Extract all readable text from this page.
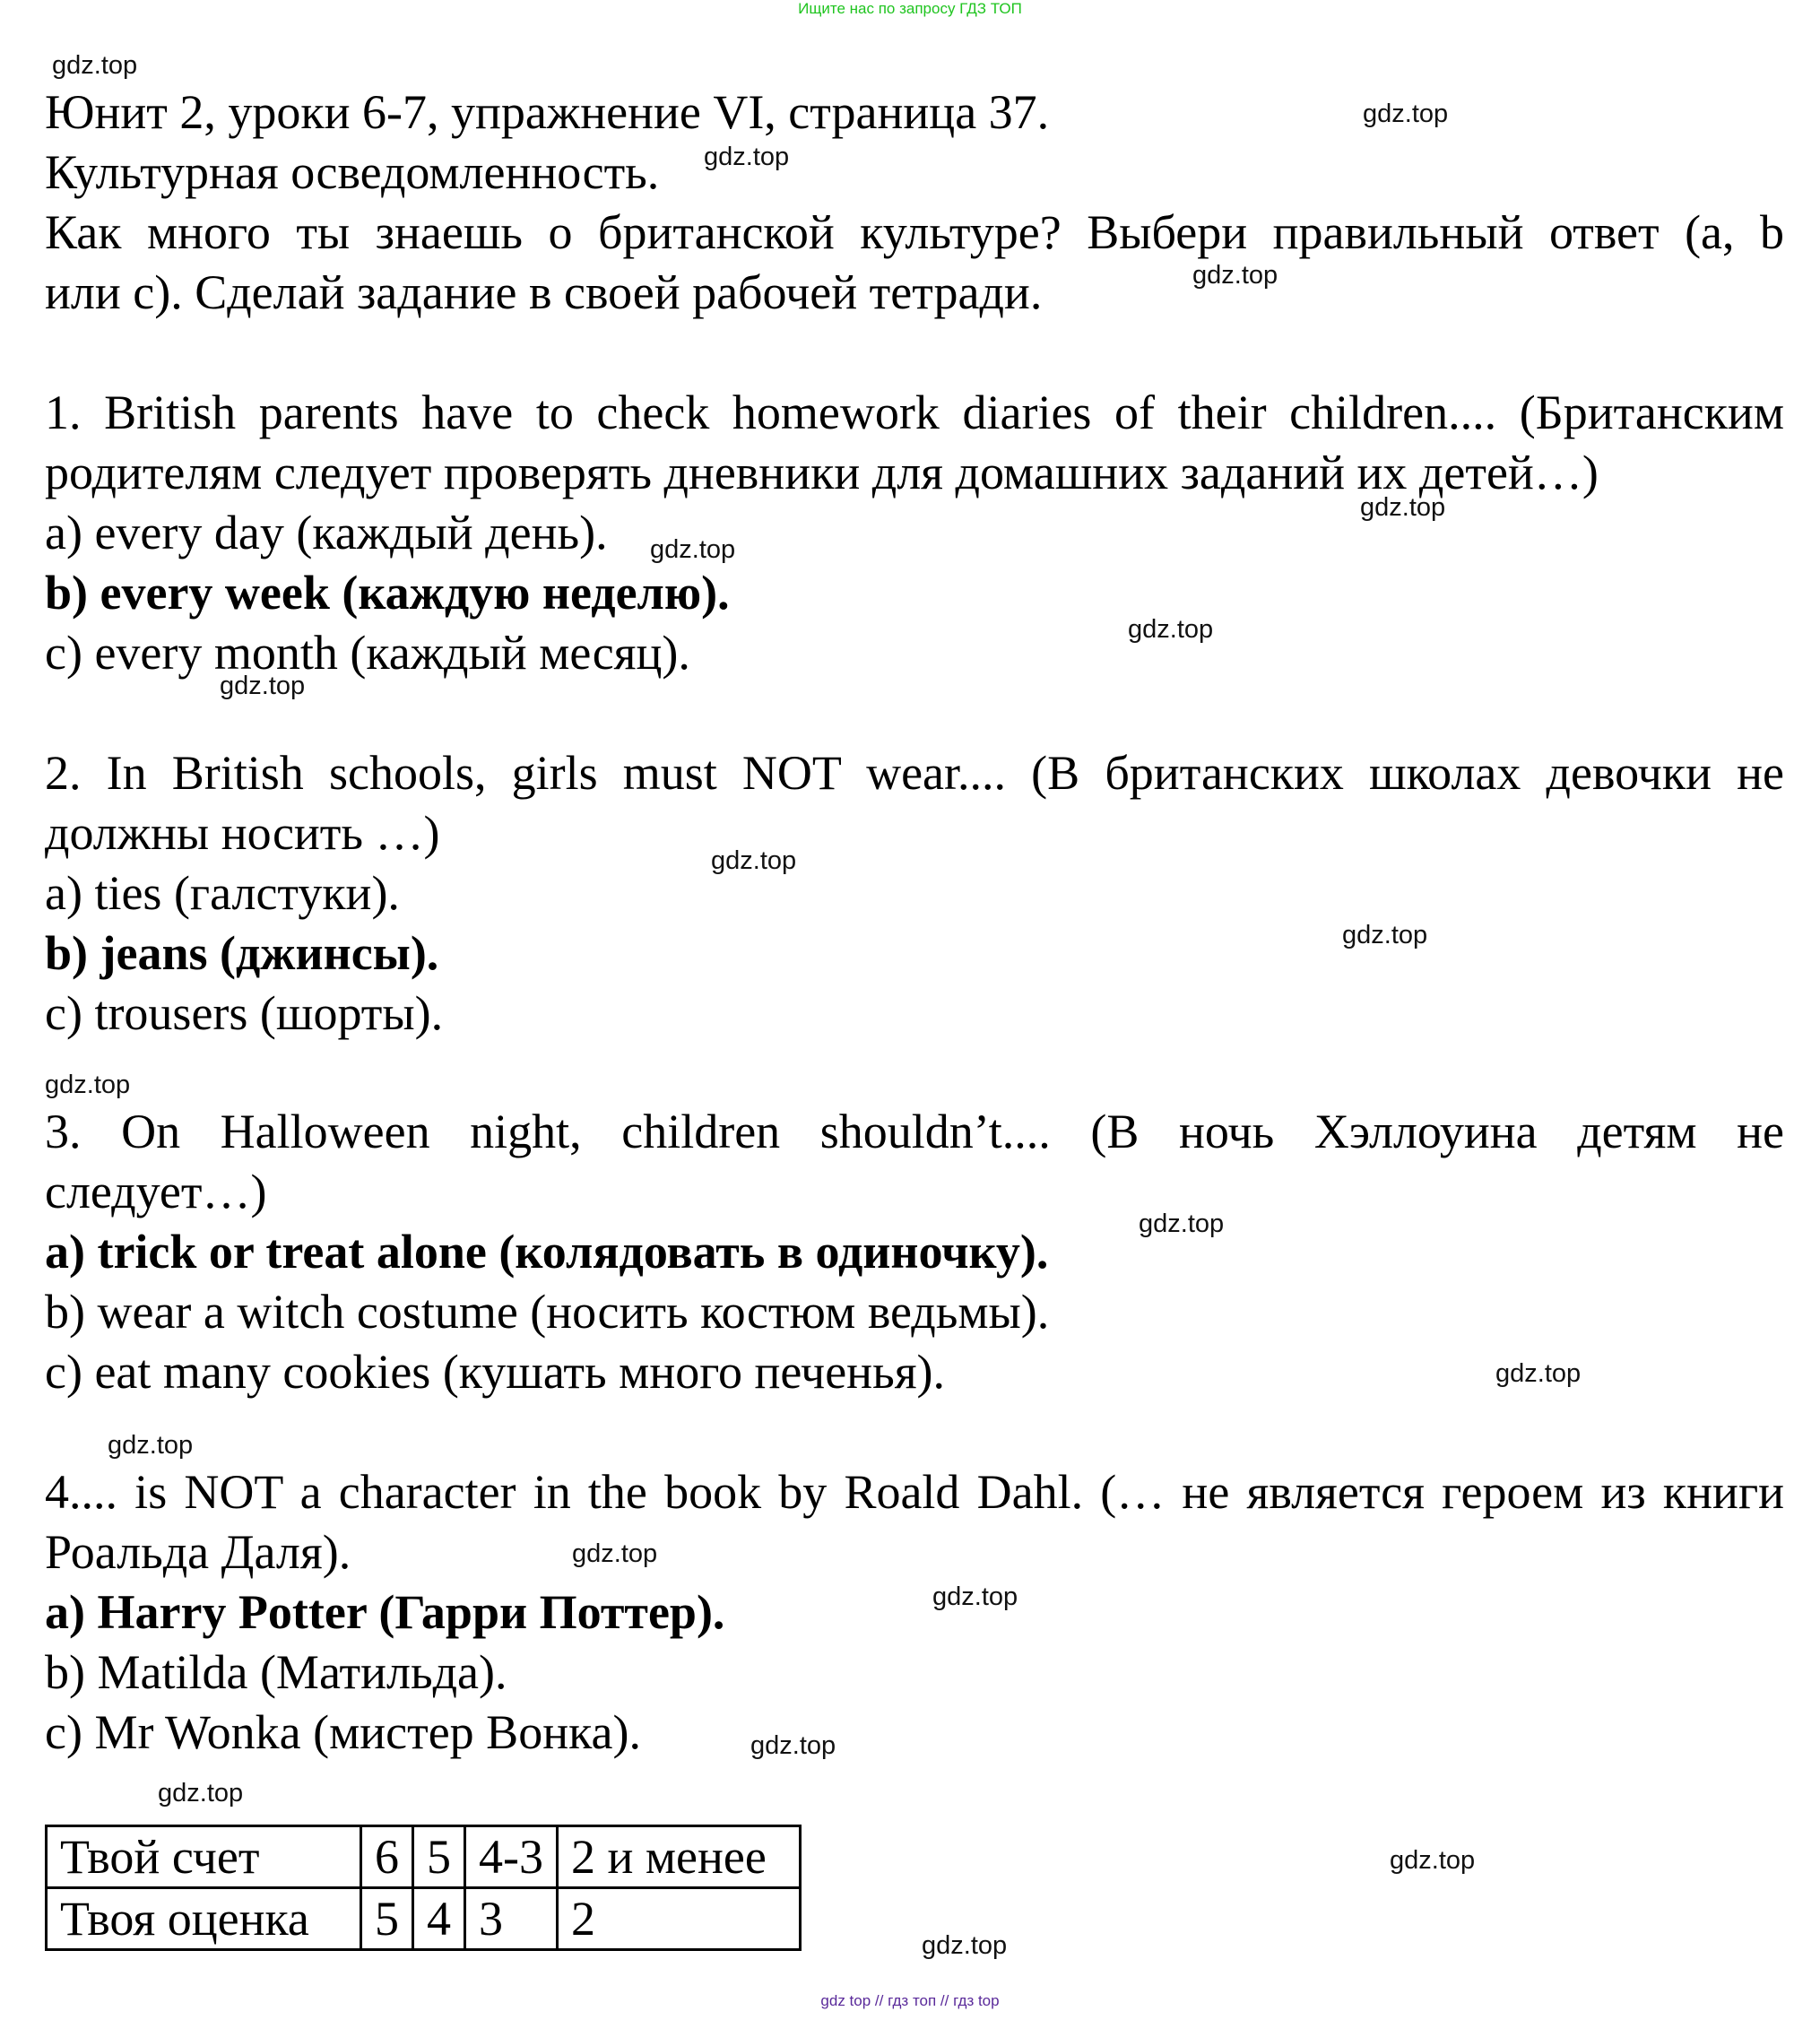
Ищите нас по запросу ГДЗ ТОП
gdz.top
gdz.top
gdz.top
gdz.top
gdz.top
gdz.top
gdz.top
gdz.top
gdz.top
gdz.top
gdz.top
gdz.top
gdz.top
gdz.top
gdz.top
gdz.top
gdz.top
gdz.top
gdz.top
gdz.top
Юнит 2, уроки 6-7, упражнение VI, страница 37.
Культурная осведомленность.
Как много ты знаешь о британской культуре? Выбери правильный ответ (a, b
или c). Сделай задание в своей рабочей тетради.
1. British parents have to check homework diaries of their children.... (Британским
родителям следует проверять дневники для домашних заданий их детей…)
a) every day (каждый день).
b) every week (каждую неделю).
c) every month (каждый месяц).
2. In British schools, girls must NOT wear.... (В британских школах девочки не
должны носить …)
a) ties (галстуки).
b) jeans (джинсы).
c) trousers (шорты).
3. On Halloween night, children shouldn’t.... (В ночь Хэллоуина детям не
следует…)
a) trick or treat alone (колядовать в одиночку).
b) wear a witch costume (носить костюм ведьмы).
c) eat many cookies (кушать много печенья).
4.... is NOT a character in the book by Roald Dahl. (… не является героем из книги
Роальда Даля).
a) Harry Potter (Гарри Поттер).
b) Matilda (Матильда).
c) Mr Wonka (мистер Вонка).
Твой счет	6	5	4-3	2 и менее
Твоя оценка	5	4	3	2
gdz top // гдз топ // гдз top
